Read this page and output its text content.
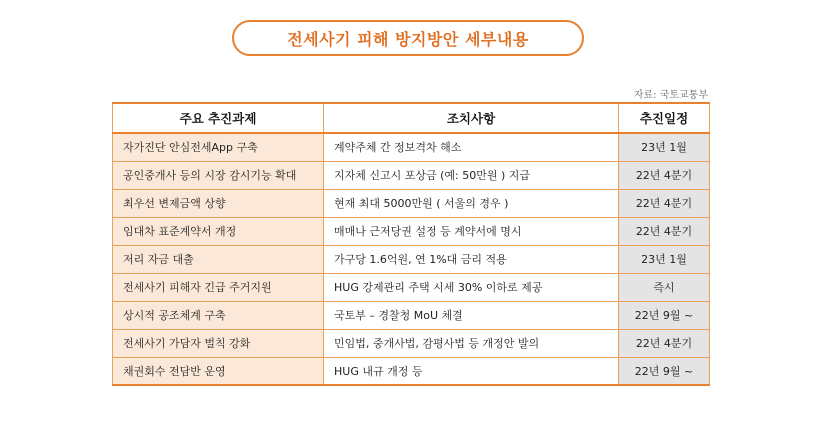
전세사기 피해 방지방안 세부내용
자료: 국토교통부
주요 추진과제	조치사항	추진일정
자가진단 안심전세App 구축	계약주체 간 정보격차 해소	23년 1월
공인중개사 등의 시장 감시기능 확대	지자체 신고시 포상금 (예: 50만원 ) 지급	22년 4분기
최우선 변제금액 상향	현재 최대 5000만원 ( 서울의 경우 )	22년 4분기
임대차 표준계약서 개정	매매나 근저당권 설정 등 계약서에 명시	22년 4분기
저리 자금 대출	가구당 1.6억원, 연 1%대 금리 적용	23년 1월
전세사기 피해자 긴급 주거지원	HUG 강제관리 주택 시세 30% 이하로 제공	즉시
상시적 공조체계 구축	국토부 – 경찰청 MoU 체결	22년 9월 ~
전세사기 가담자 벌칙 강화	민임법, 중개사법, 감평사법 등 개정안 발의	22년 4분기
채권회수 전담반 운영	HUG 내규 개정 등	22년 9월 ~
